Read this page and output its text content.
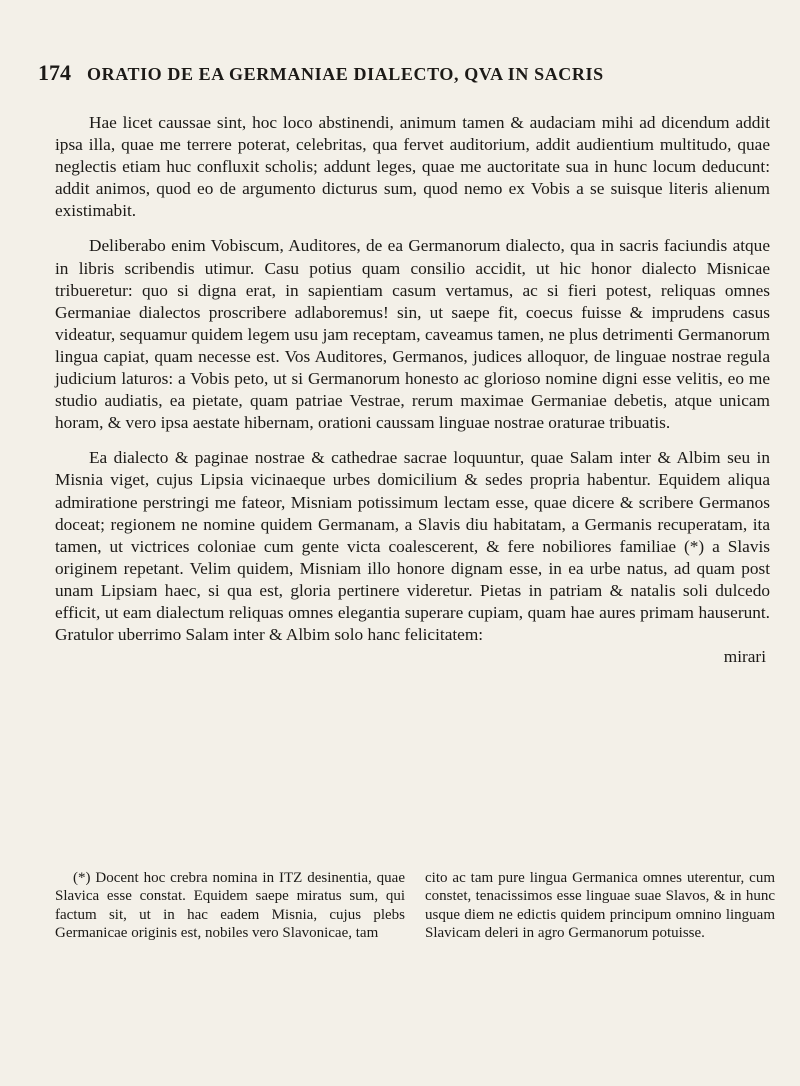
174 ORATIO DE EA GERMANIAE DIALECTO, QVA IN SACRIS

Hae licet caussae sint, hoc loco abstinendi, animum tamen & audaciam mihi ad dicendum addit ipsa illa, quae me terrere poterat, celebritas, qua fervet auditorium, addit audientium multitudo, quae neglectis etiam huc confluxit scholis; addunt leges, quae me auctoritate sua in hunc locum deducunt: addit animos, quod eo de argumento dicturus sum, quod nemo ex Vobis a se suisque literis alienum existimabit.

Deliberabo enim Vobiscum, Auditores, de ea Germanorum dialecto, qua in sacris faciundis atque in libris scribendis utimur. Casu potius quam consilio accidit, ut hic honor dialecto Misnicae tribueretur: quo si digna erat, in sapientiam casum vertamus, ac si fieri potest, reliquas omnes Germaniae dialectos proscribere adlaboremus! sin, ut saepe fit, coecus fuisse & imprudens casus videatur, sequamur quidem legem usu jam receptam, caveamus tamen, ne plus detrimenti Germanorum lingua capiat, quam necesse est. Vos Auditores, Germanos, judices alloquor, de linguae nostrae regula judicium laturos: a Vobis peto, ut si Germanorum honesto ac glorioso nomine digni esse velitis, eo me studio audiatis, ea pietate, quam patriae Vestrae, rerum maximae Germaniae debetis, atque unicam horam, & vero ipsa aestate hibernam, orationi caussam linguae nostrae oraturae tribuatis.

Ea dialecto & paginae nostrae & cathedrae sacrae loquuntur, quae Salam inter & Albim seu in Misnia viget, cujus Lipsia vicinaeque urbes domicilium & sedes propria habentur. Equidem aliqua admiratione perstringi me fateor, Misniam potissimum lectam esse, quae dicere & scribere Germanos doceat; regionem ne nomine quidem Germanam, a Slavis diu habitatam, a Germanis recuperatam, ita tamen, ut victrices coloniae cum gente victa coalescerent, & fere nobiliores familiae (*) a Slavis originem repetant. Velim quidem, Misniam illo honore dignam esse, in ea urbe natus, ad quam post unam Lipsiam haec, si qua est, gloria pertinere videretur. Pietas in patriam & natalis soli dulcedo efficit, ut eam dialectum reliquas omnes elegantia superare cupiam, quam hae aures primam hauserunt. Gratulor uberrimo Salam inter & Albim solo hanc felicitatem:

mirari
(*) Docent hoc crebra nomina in ITZ desinentia, quae Slavica esse constat. Equidem saepe miratus sum, qui factum sit, ut in hac eadem Misnia, cujus plebs Germanicae originis est, nobiles vero Slavonicae, tam
cito ac tam pure lingua Germanica omnes uterentur, cum constet, tenacissimos esse linguae suae Slavos, & in hunc usque diem ne edictis quidem principum omnino linguam Slavicam deleri in agro Germanorum potuisse.
